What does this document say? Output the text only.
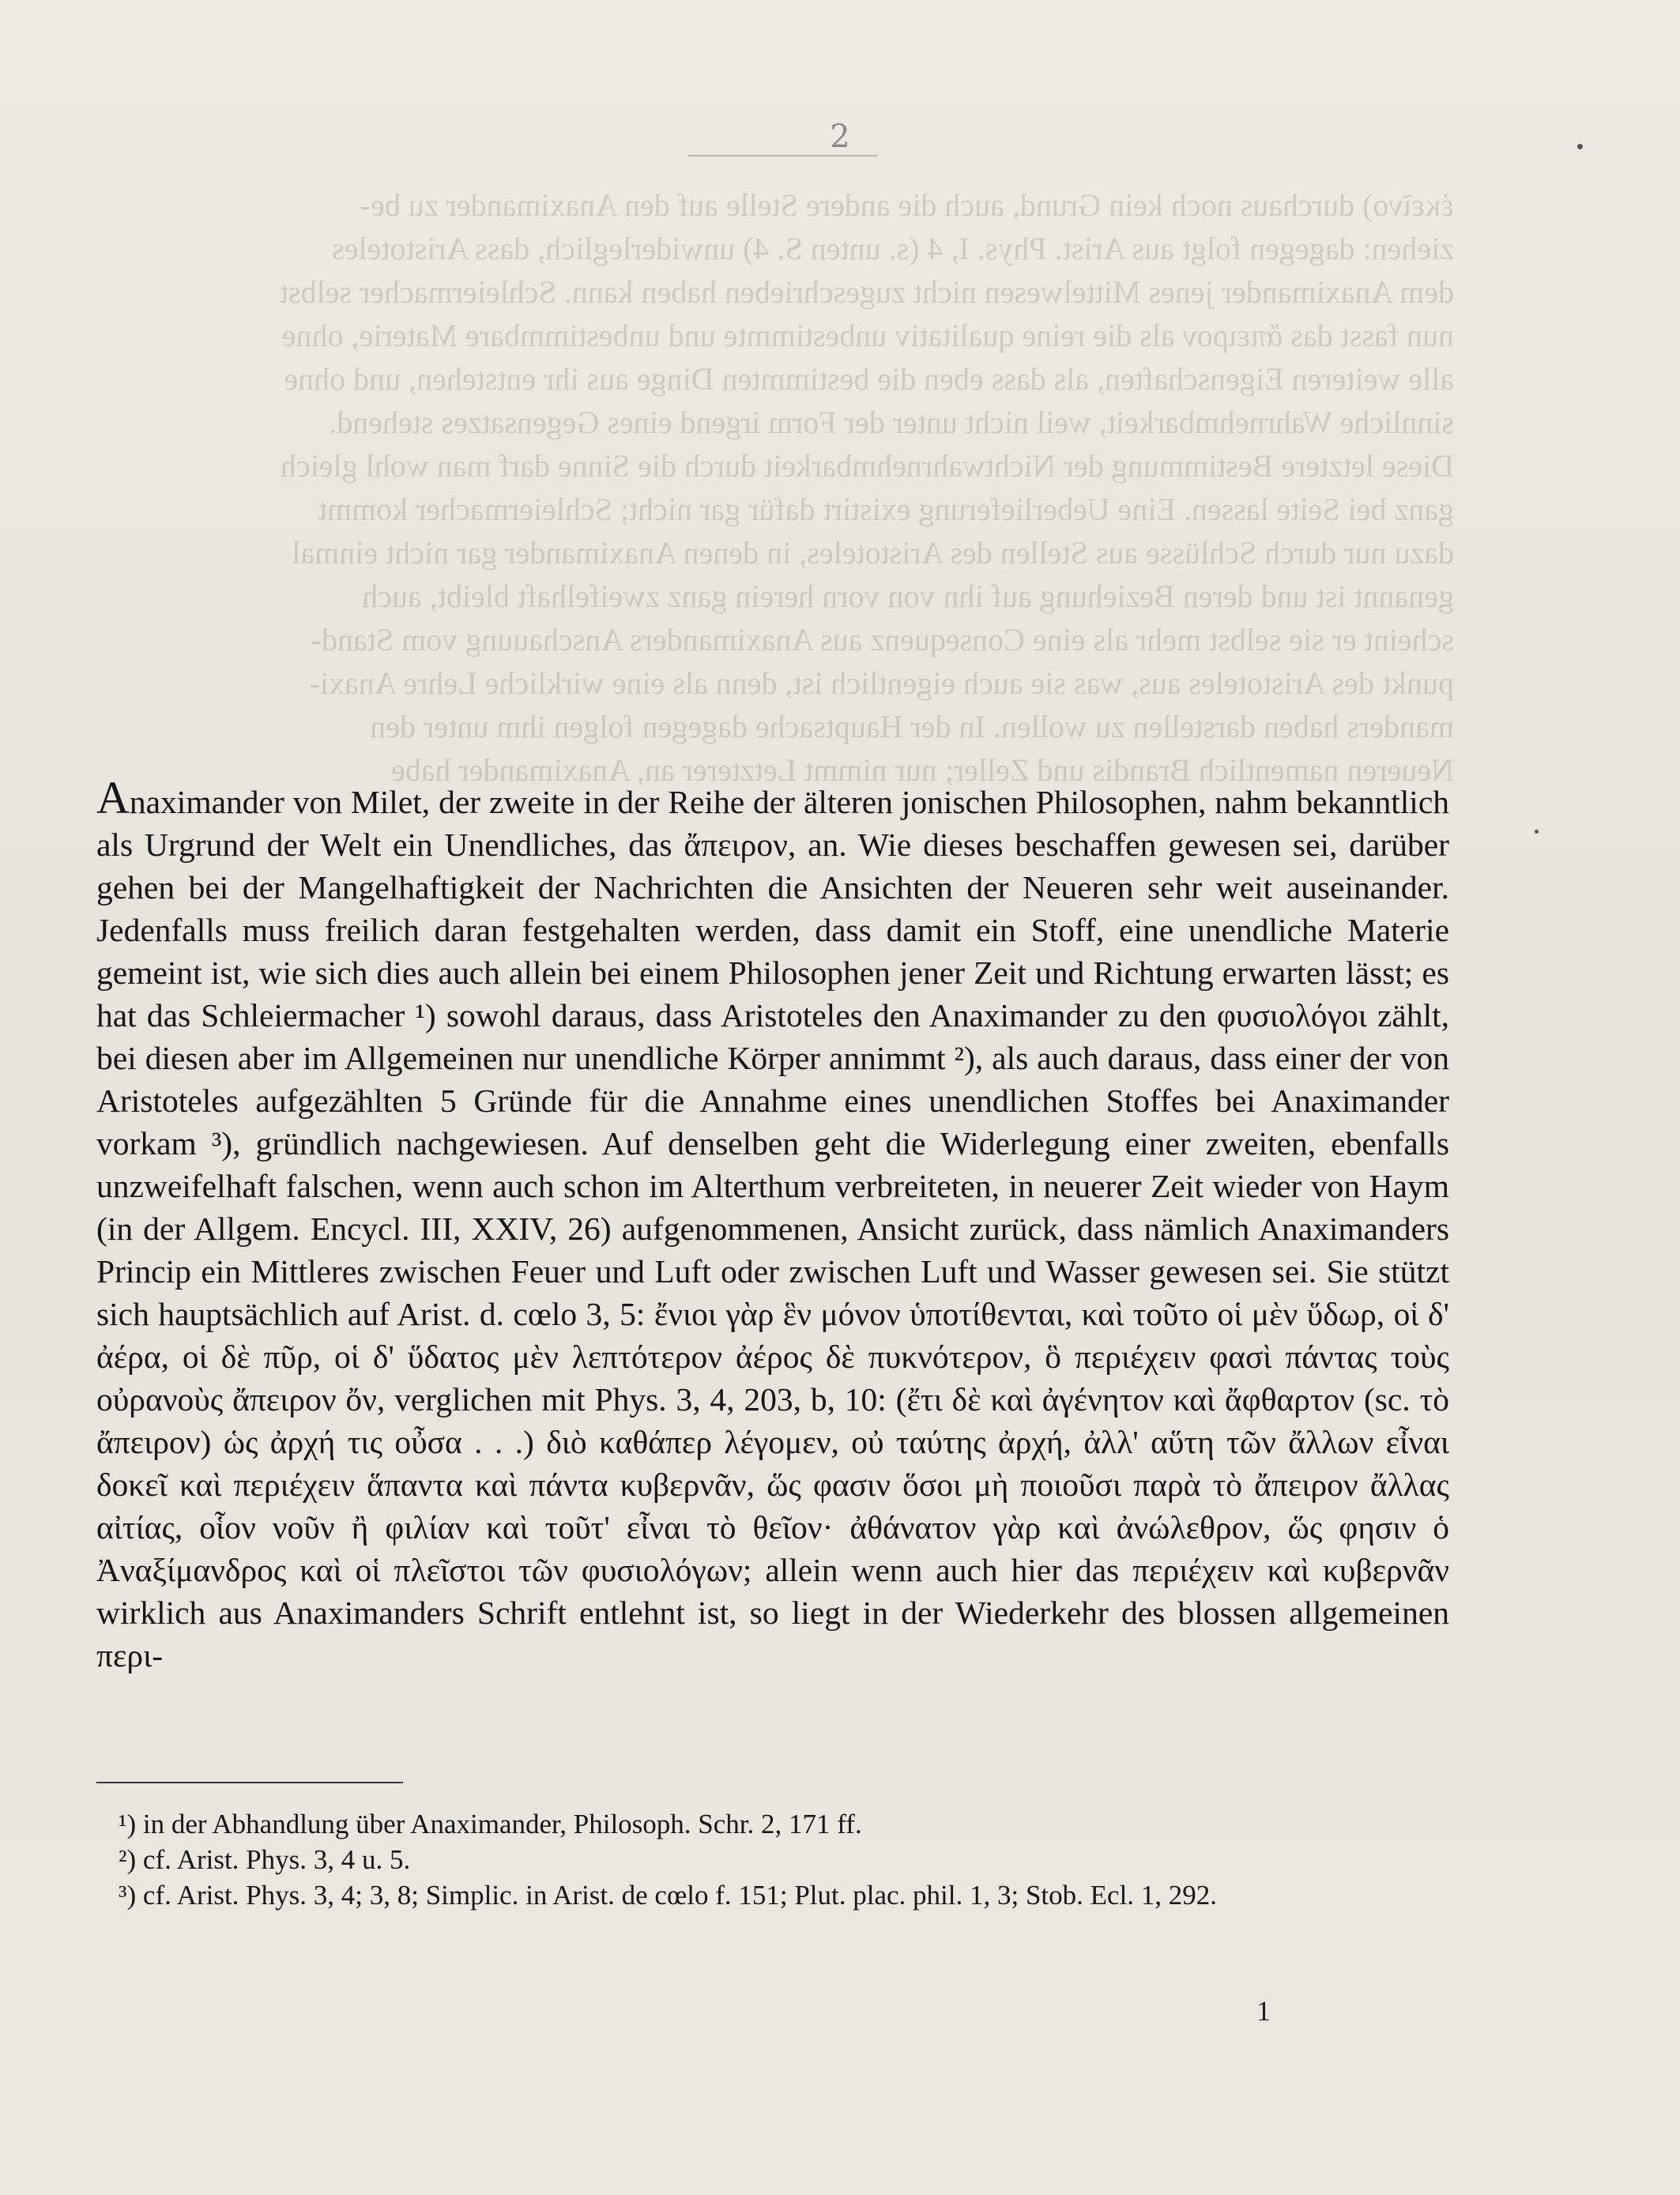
2
ἐκεῖνο) durchaus noch kein Grund, auch die andere Stelle auf den Anaximander zu be-
ziehen: dagegen folgt aus Arist. Phys. I, 4 (s. unten S. 4) unwiderleglich, dass Aristoteles
dem Anaximander jenes Mittelwesen nicht zugeschrieben haben kann. Schleiermacher selbst
nun fasst das ἄπειρον als die reine qualitativ unbestimmte und unbestimmbare Materie, ohne
alle weiteren Eigenschaften, als dass eben die bestimmten Dinge aus ihr entstehen, und ohne
sinnliche Wahrnehmbarkeit, weil nicht unter der Form irgend eines Gegensatzes stehend.
Diese letztere Bestimmung der Nichtwahrnehmbarkeit durch die Sinne darf man wohl gleich
ganz bei Seite lassen. Eine Ueberlieferung existirt dafür gar nicht; Schleiermacher kommt
dazu nur durch Schlüsse aus Stellen des Aristoteles, in denen Anaximander gar nicht einmal
genannt ist und deren Beziehung auf ihn von vorn herein ganz zweifelhaft bleibt, auch
scheint er sie selbst mehr als eine Consequenz aus Anaximanders Anschauung vom Stand-
punkt des Aristoteles aus, was sie auch eigentlich ist, denn als eine wirkliche Lehre Anaxi-
manders haben darstellen zu wollen. In der Hauptsache dagegen folgen ihm unter den
Neueren namentlich Brandis und Zeller; nur nimmt Letzterer an, Anaximander habe
Anaximander von Milet, der zweite in der Reihe der älteren jonischen Philosophen, nahm bekanntlich als Urgrund der Welt ein Unendliches, das ἄπειρον, an. Wie dieses beschaffen gewesen sei, darüber gehen bei der Mangelhaftigkeit der Nachrichten die Ansichten der Neueren sehr weit auseinander. Jedenfalls muss freilich daran festgehalten werden, dass damit ein Stoff, eine unendliche Materie gemeint ist, wie sich dies auch allein bei einem Philosophen jener Zeit und Richtung erwarten lässt; es hat das Schleiermacher ¹) sowohl daraus, dass Aristoteles den Anaximander zu den φυσιολόγοι zählt, bei diesen aber im Allgemeinen nur unendliche Körper annimmt ²), als auch daraus, dass einer der von Aristoteles aufgezählten 5 Gründe für die Annahme eines unendlichen Stoffes bei Anaximander vorkam ³), gründlich nachgewiesen. Auf denselben geht die Widerlegung einer zweiten, ebenfalls unzweifelhaft falschen, wenn auch schon im Alterthum verbreiteten, in neuerer Zeit wieder von Haym (in der Allgem. Encycl. III, XXIV, 26) aufgenommenen, Ansicht zurück, dass nämlich Anaximanders Princip ein Mittleres zwischen Feuer und Luft oder zwischen Luft und Wasser gewesen sei. Sie stützt sich hauptsächlich auf Arist. d. cœlo 3, 5: ἔνιοι γὰρ ἓν μόνον ὑποτίθενται, καὶ τοῦτο οἱ μὲν ὕδωρ, οἱ δ' ἀέρα, οἱ δὲ πῦρ, οἱ δ' ὕδατος μὲν λεπτότερον ἀέρος δὲ πυκνότερον, ὃ περιέχειν φασὶ πάντας τοὺς οὐρανοὺς ἄπειρον ὄν, verglichen mit Phys. 3, 4, 203, b, 10: (ἔτι δὲ καὶ ἀγένητον καὶ ἄφθαρτον (sc. τὸ ἄπειρον) ὡς ἀρχή τις οὖσα . . .) διὸ καθάπερ λέγομεν, οὐ ταύτης ἀρχή, ἀλλ' αὕτη τῶν ἄλλων εἶναι δοκεῖ καὶ περιέχειν ἅπαντα καὶ πάντα κυβερνᾶν, ὥς φασιν ὅσοι μὴ ποιοῦσι παρὰ τὸ ἄπειρον ἄλλας αἰτίας, οἷον νοῦν ἢ φιλίαν καὶ τοῦτ' εἶναι τὸ θεῖον· ἀθάνατον γὰρ καὶ ἀνώλεθρον, ὥς φησιν ὁ Ἀναξίμανδρος καὶ οἱ πλεῖστοι τῶν φυσιολόγων; allein wenn auch hier das περιέχειν καὶ κυβερνᾶν wirklich aus Anaximanders Schrift entlehnt ist, so liegt in der Wiederkehr des blossen allgemeinen περι-
¹) in der Abhandlung über Anaximander, Philosoph. Schr. 2, 171 ff.
²) cf. Arist. Phys. 3, 4 u. 5.
³) cf. Arist. Phys. 3, 4; 3, 8; Simplic. in Arist. de cœlo f. 151; Plut. plac. phil. 1, 3; Stob. Ecl. 1, 292.
1
